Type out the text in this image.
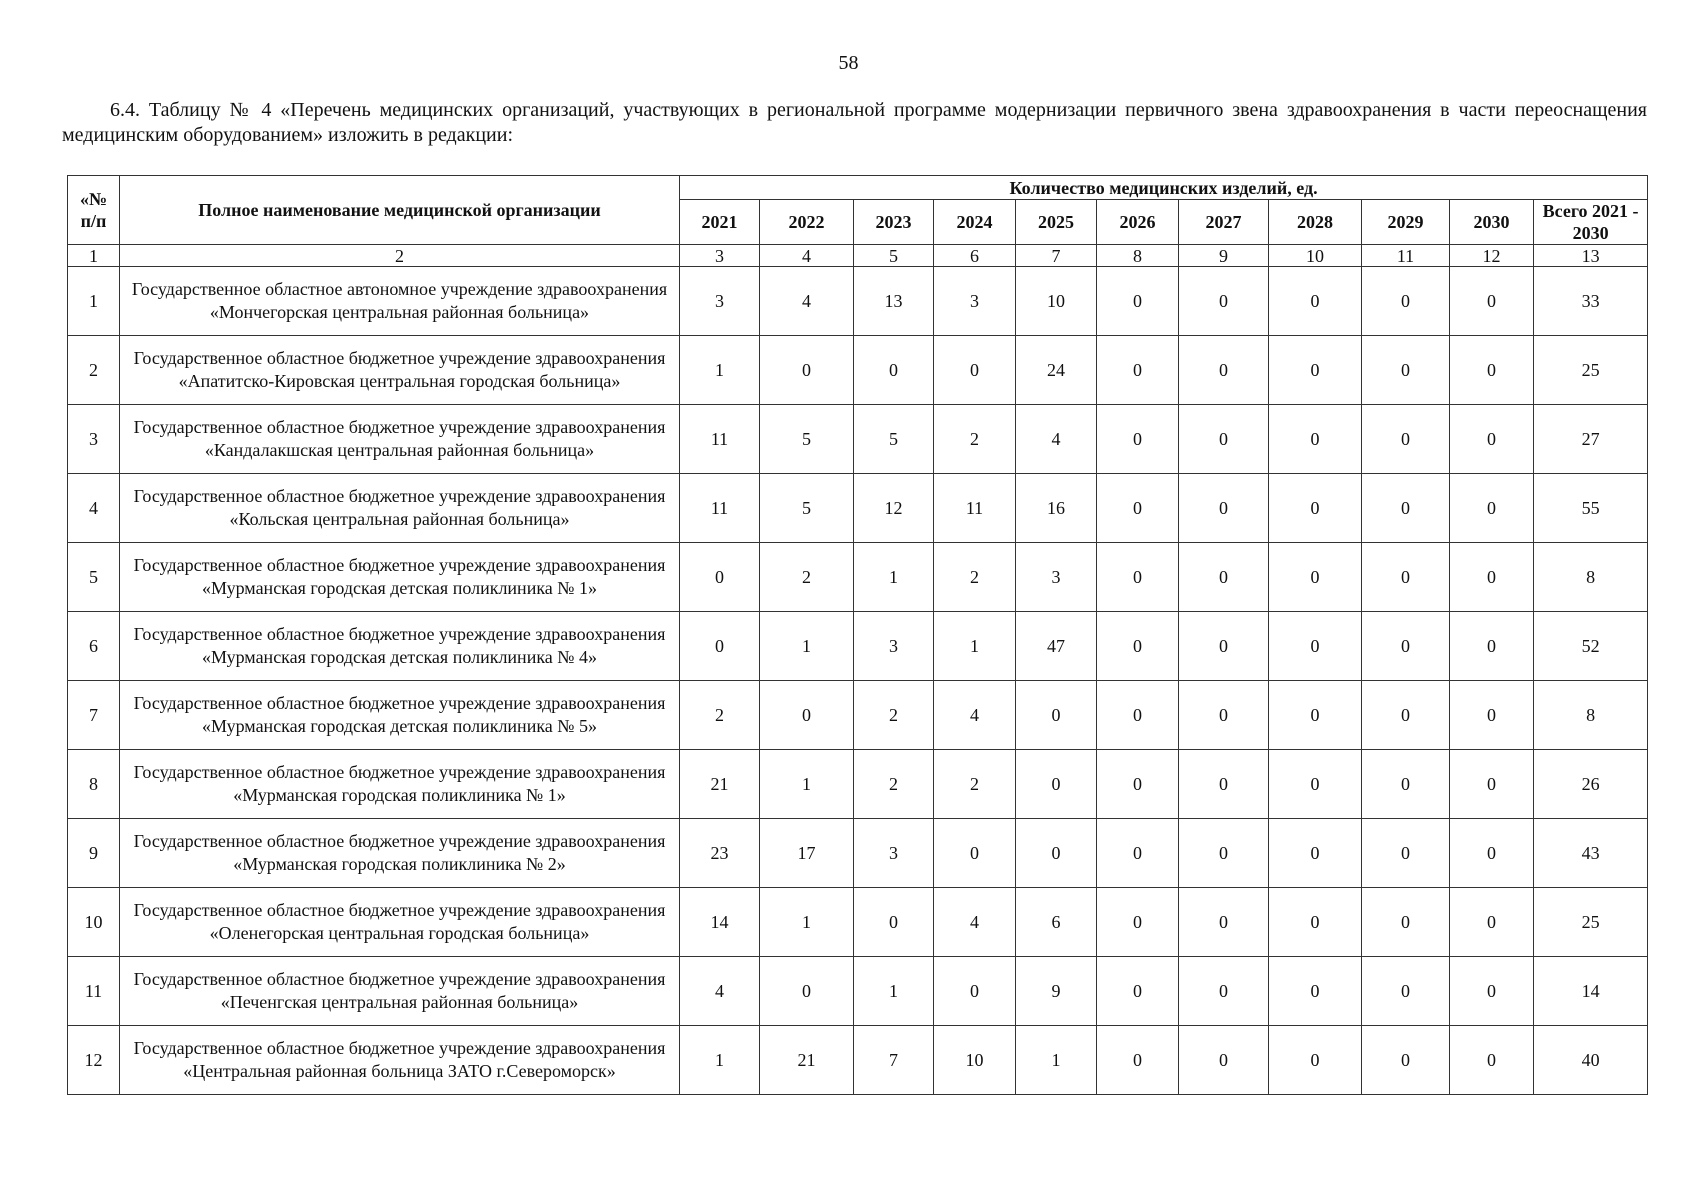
58

6.4. Таблицу № 4 «Перечень медицинских организаций, участвующих в региональной программе модернизации первичного звена здравоохранения в части переоснащения медицинским оборудованием» изложить в редакции:

«№ п/п	Полное наименование медицинской организации	Количество медицинских изделий, ед.										
		2021	2022	2023	2024	2025	2026	2027	2028	2029	2030	Всего 2021 - 2030
1	2	3	4	5	6	7	8	9	10	11	12	13
1	Государственное областное автономное учреждение здравоохранения «Мончегорская центральная районная больница»	3	4	13	3	10	0	0	0	0	0	33
2	Государственное областное бюджетное учреждение здравоохранения «Апатитско-Кировская центральная городская больница»	1	0	0	0	24	0	0	0	0	0	25
3	Государственное областное бюджетное учреждение здравоохранения «Кандалакшская центральная районная больница»	11	5	5	2	4	0	0	0	0	0	27
4	Государственное областное бюджетное учреждение здравоохранения «Кольская центральная районная больница»	11	5	12	11	16	0	0	0	0	0	55
5	Государственное областное бюджетное учреждение здравоохранения «Мурманская городская детская поликлиника № 1»	0	2	1	2	3	0	0	0	0	0	8
6	Государственное областное бюджетное учреждение здравоохранения «Мурманская городская детская поликлиника № 4»	0	1	3	1	47	0	0	0	0	0	52
7	Государственное областное бюджетное учреждение здравоохранения «Мурманская городская детская поликлиника № 5»	2	0	2	4	0	0	0	0	0	0	8
8	Государственное областное бюджетное учреждение здравоохранения «Мурманская городская поликлиника № 1»	21	1	2	2	0	0	0	0	0	0	26
9	Государственное областное бюджетное учреждение здравоохранения «Мурманская городская поликлиника № 2»	23	17	3	0	0	0	0	0	0	0	43
10	Государственное областное бюджетное учреждение здравоохранения «Оленегорская центральная городская больница»	14	1	0	4	6	0	0	0	0	0	25
11	Государственное областное бюджетное учреждение здравоохранения «Печенгская центральная районная больница»	4	0	1	0	9	0	0	0	0	0	14
12	Государственное областное бюджетное учреждение здравоохранения «Центральная районная больница ЗАТО г.Североморск»	1	21	7	10	1	0	0	0	0	0	40
